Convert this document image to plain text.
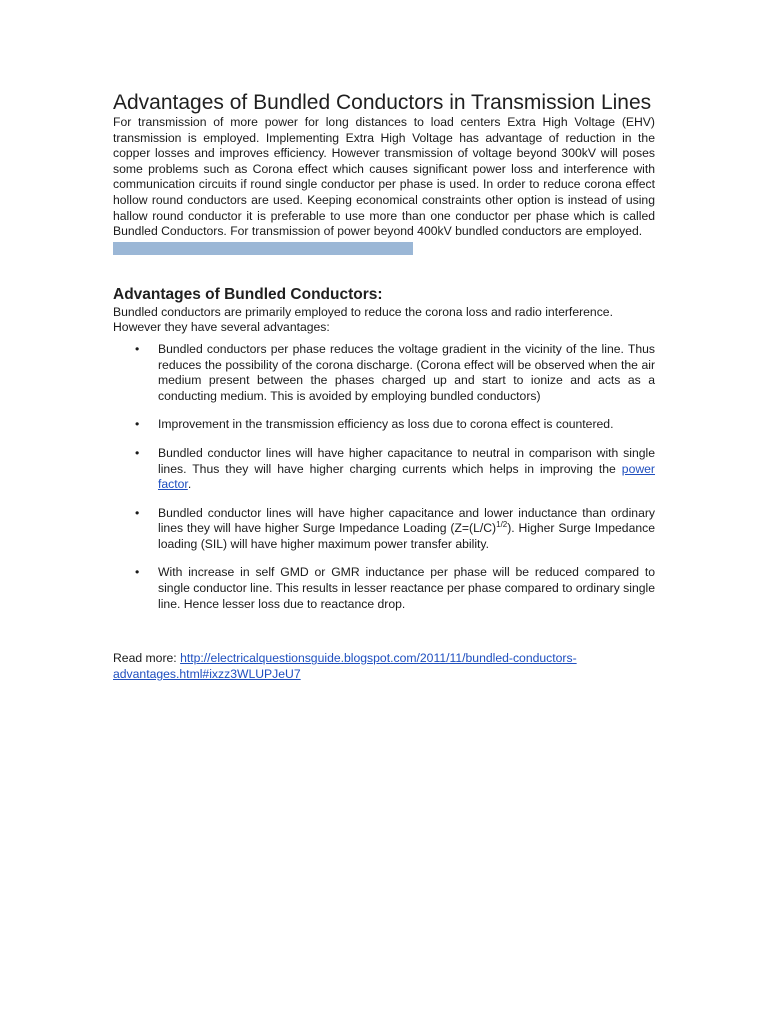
Advantages of Bundled Conductors in Transmission Lines

For transmission of more power for long distances to load centers Extra High Voltage (EHV) transmission is employed. Implementing Extra High Voltage has advantage of reduction in the copper losses and improves efficiency. However transmission of voltage beyond 300kV will poses some problems such as Corona effect which causes significant power loss and interference with communication circuits if round single conductor per phase is used. In order to reduce corona effect hollow round conductors are used. Keeping economical constraints other option is instead of using hallow round conductor it is preferable to use more than one conductor per phase which is called Bundled Conductors. For transmission of power beyond 400kV bundled conductors are employed.

Advantages of Bundled Conductors:

Bundled conductors are primarily employed to reduce the corona loss and radio interference. However they have several advantages:

• Bundled conductors per phase reduces the voltage gradient in the vicinity of the line. Thus reduces the possibility of the corona discharge. (Corona effect will be observed when the air medium present between the phases charged up and start to ionize and acts as a conducting medium. This is avoided by employing bundled conductors)
• Improvement in the transmission efficiency as loss due to corona effect is countered.
• Bundled conductor lines will have higher capacitance to neutral in comparison with single lines. Thus they will have higher charging currents which helps in improving the power factor.
• Bundled conductor lines will have higher capacitance and lower inductance than ordinary lines they will have higher Surge Impedance Loading $(Z=(L/C)^{1/2})$. Higher Surge Impedance loading (SIL) will have higher maximum power transfer ability.
• With increase in self GMD or GMR inductance per phase will be reduced compared to single conductor line. This results in lesser reactance per phase compared to ordinary single line. Hence lesser loss due to reactance drop.
Read more: http://electricalquestionsguide.blogspot.com/2011/11/bundled-conductors-advantages.html#ixzz3WLUPJeU7
